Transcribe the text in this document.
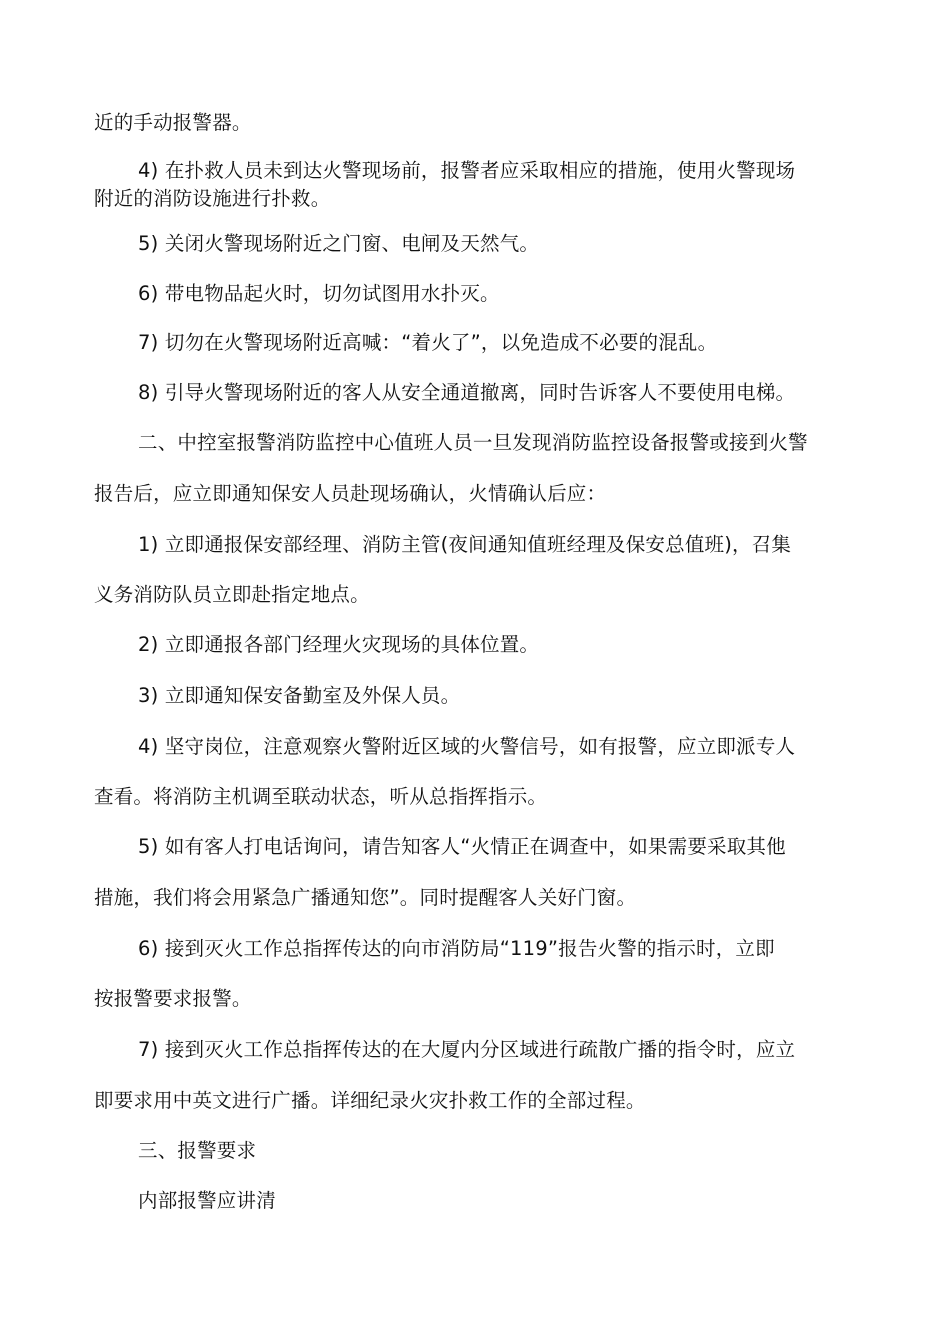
近的手动报警器。
4) 在扑救人员未到达火警现场前，报警者应采取相应的措施，使用火警现场
附近的消防设施进行扑救。
5) 关闭火警现场附近之门窗、电闸及天然气。
6) 带电物品起火时，切勿试图用水扑灭。
7) 切勿在火警现场附近高喊：“着火了”，以免造成不必要的混乱。
8) 引导火警现场附近的客人从安全通道撤离，同时告诉客人不要使用电梯。
二、中控室报警消防监控中心值班人员一旦发现消防监控设备报警或接到火警
报告后，应立即通知保安人员赴现场确认，火情确认后应：
1) 立即通报保安部经理、消防主管(夜间通知值班经理及保安总值班)，召集
义务消防队员立即赴指定地点。
2) 立即通报各部门经理火灾现场的具体位置。
3) 立即通知保安备勤室及外保人员。
4) 坚守岗位，注意观察火警附近区域的火警信号，如有报警，应立即派专人
查看。将消防主机调至联动状态，听从总指挥指示。
5) 如有客人打电话询问，请告知客人“火情正在调查中，如果需要采取其他
措施，我们将会用紧急广播通知您”。同时提醒客人关好门窗。
6) 接到灭火工作总指挥传达的向市消防局“119”报告火警的指示时，立即
按报警要求报警。
7) 接到灭火工作总指挥传达的在大厦内分区域进行疏散广播的指令时，应立
即要求用中英文进行广播。详细纪录火灾扑救工作的全部过程。
三、报警要求
内部报警应讲清
